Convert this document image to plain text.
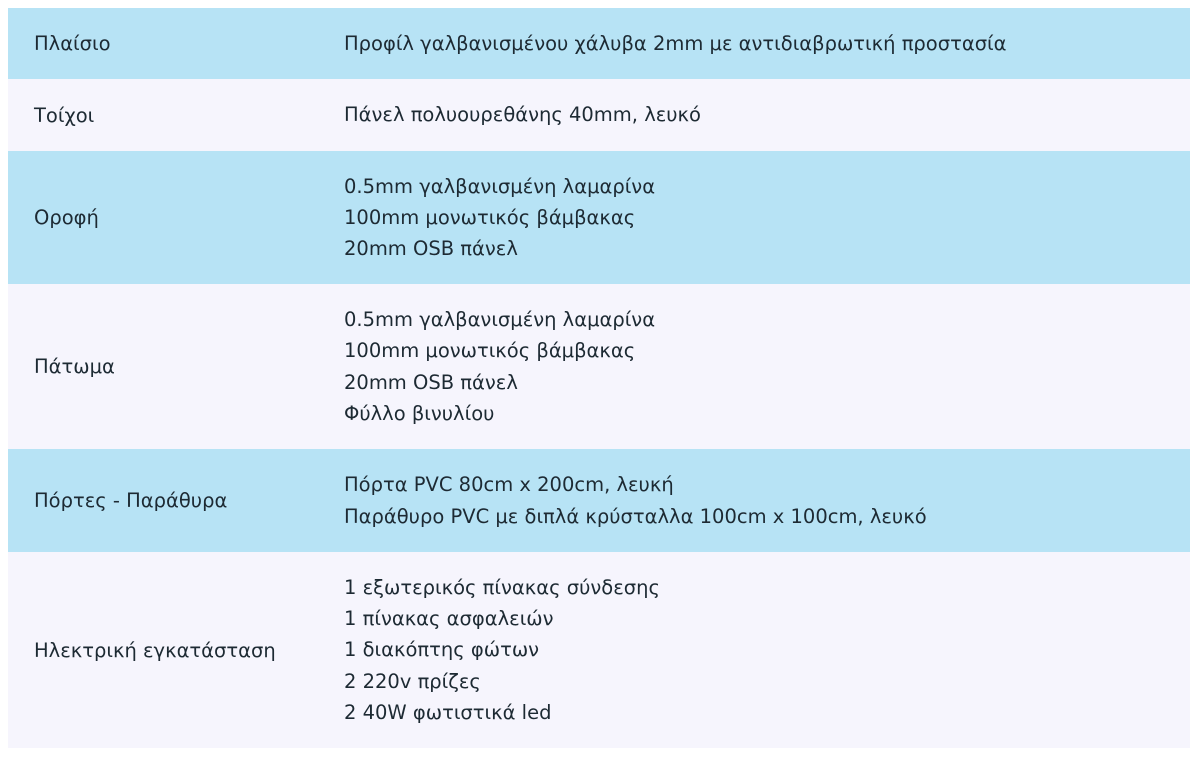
Πλαίσιο	Προφίλ γαλβανισμένου χάλυβα 2mm με αντιδιαβρωτική προστασία
Τοίχοι	Πάνελ πολυουρεθάνης 40mm, λευκό
Οροφή
0.5mm γαλβανισμένη λαμαρίνα
100mm μονωτικός βάμβακας
20mm OSB πάνελ
Πάτωμα
0.5mm γαλβανισμένη λαμαρίνα
100mm μονωτικός βάμβακας
20mm OSB πάνελ
Φύλλο βινυλίου
Πόρτες - Παράθυρα
Πόρτα PVC 80cm x 200cm, λευκή
Παράθυρο PVC με διπλά κρύσταλλα 100cm x 100cm, λευκό
Ηλεκτρική εγκατάσταση
1 εξωτερικός πίνακας σύνδεσης
1 πίνακας ασφαλειών
1 διακόπτης φώτων
2 220v πρίζες
2 40W φωτιστικά led
